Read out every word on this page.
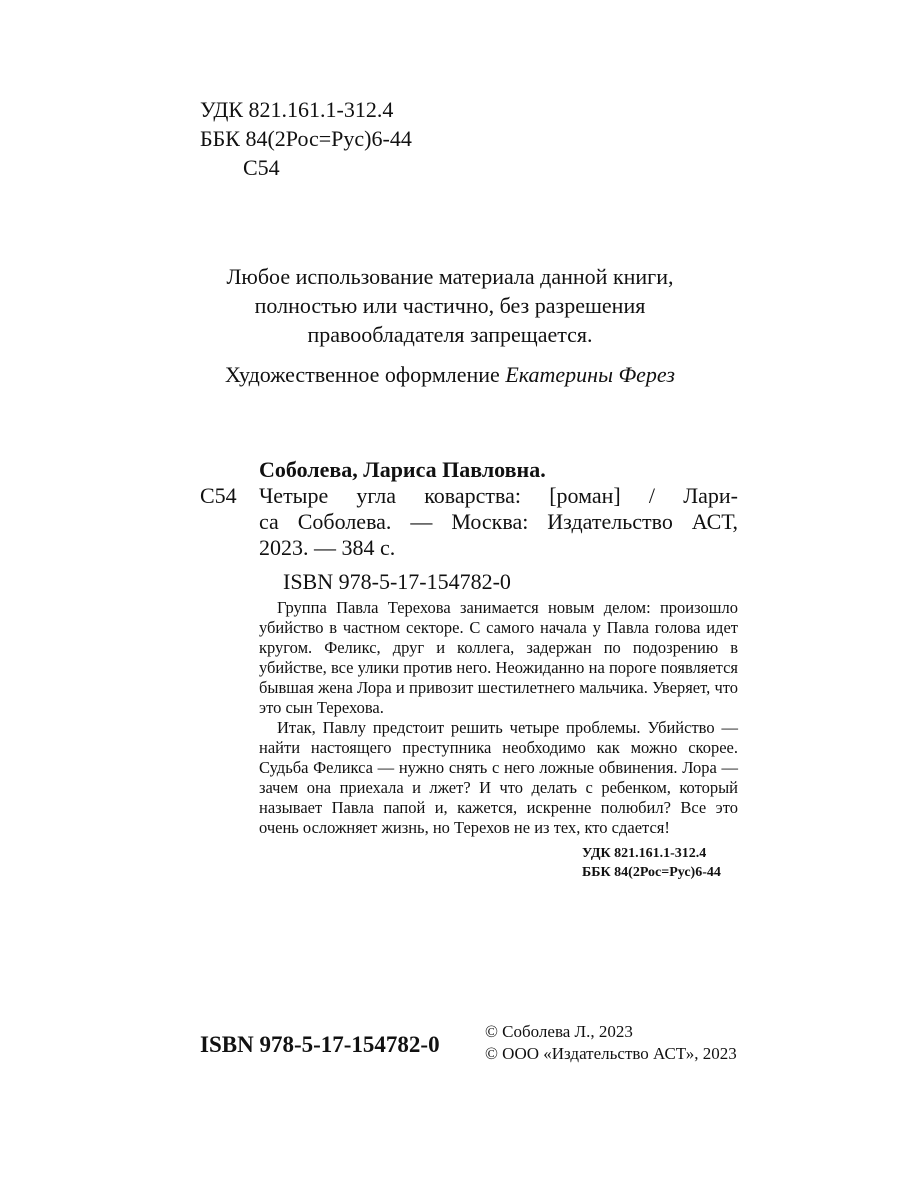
УДК 821.161.1-312.4
ББК 84(2Рос=Рус)6-44
С54
Любое использование материала данной книги,
полностью или частично, без разрешения
правообладателя запрещается.
Художественное оформление Екатерины Ферез
Соболева, Лариса Павловна.
С54 Четыре угла коварства: [роман] / Лари-
са Соболева. — Москва: Издательство АСТ,
2023. — 384 с.
ISBN 978-5-17-154782-0

Группа Павла Терехова занимается новым делом: произошло убийство в частном секторе. С самого начала у Павла голова идет кругом. Феликс, друг и коллега, задержан по подозрению в убийстве, все улики против него. Неожиданно на пороге появляется бывшая жена Лора и привозит шестилетнего мальчика. Уверяет, что это сын Терехова.

Итак, Павлу предстоит решить четыре проблемы. Убийство — найти настоящего преступника необходимо как можно скорее. Судьба Феликса — нужно снять с него ложные обвинения. Лора — зачем она приехала и лжет? И что делать с ребенком, который называет Павла папой и, кажется, искренне полюбил? Все это очень осложняет жизнь, но Терехов не из тех, кто сдается!

УДК 821.161.1-312.4
ББК 84(2Рос=Рус)6-44
ISBN 978-5-17-154782-0
© Соболева Л., 2023
© ООО «Издательство АСТ», 2023
